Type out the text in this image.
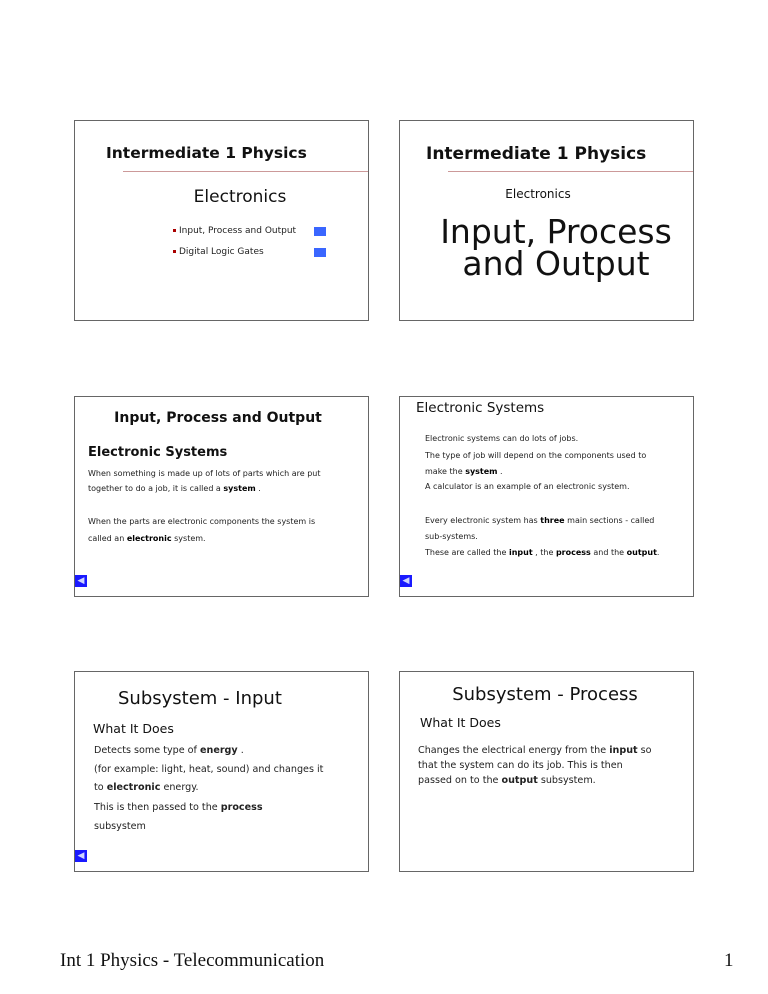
Intermediate 1 Physics
Electronics
Input, Process and Output
Digital Logic Gates
Intermediate 1 Physics
Electronics
Input, Process
and Output
Input, Process and Output
Electronic Systems
When something is made up of lots of parts which are put
together to do a job, it is called a system .
When the parts are electronic components the system is
called an electronic system.
◀
Electronic Systems
Electronic systems can do lots of jobs.
The type of job will depend on the components used to
make the system .
A calculator is an example of an electronic system.
Every electronic system has three main sections - called
sub-systems.
These are called the input , the process and the output.
◀
Subsystem - Input
What It Does
Detects some type of energy .
(for example: light, heat, sound) and changes it
to electronic energy.
This is then passed to the process
subsystem
◀
Subsystem - Process
What It Does
Changes the electrical energy from the input so
that the system can do its job. This is then
passed on to the output subsystem.
Int 1 Physics - Telecommunication	1
